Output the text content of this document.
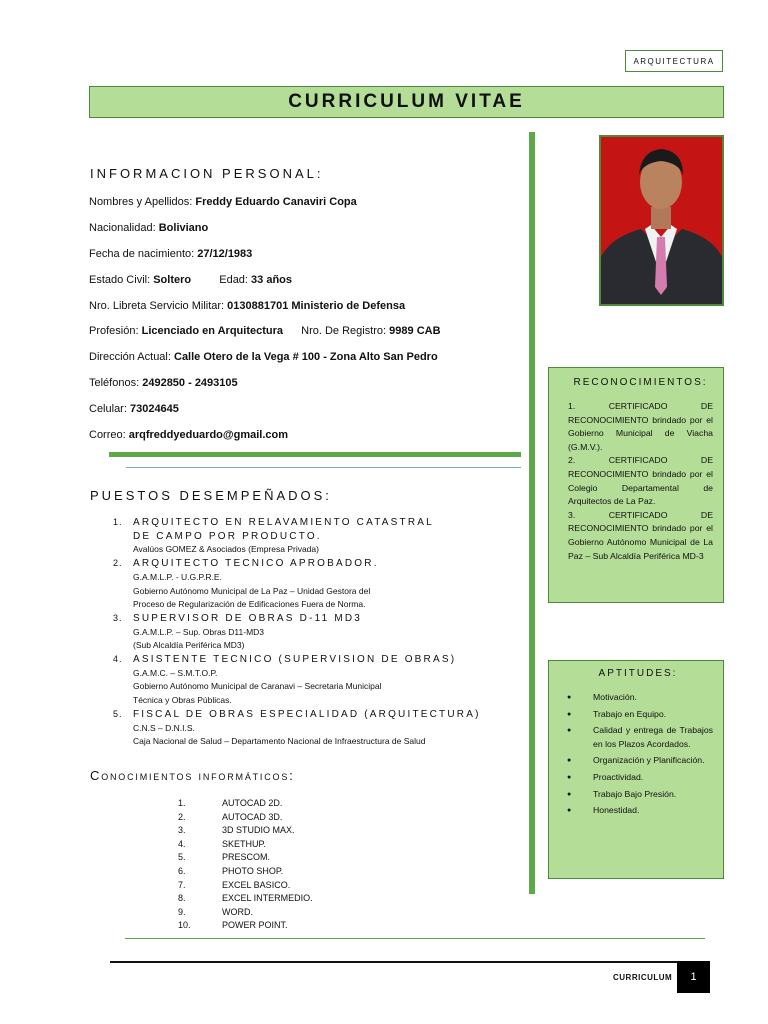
ARQUITECTURA
CURRICULUM VITAE
INFORMACION PERSONAL:
Nombres y Apellidos: Freddy Eduardo Canaviri Copa
Nacionalidad: Boliviano
Fecha de nacimiento: 27/12/1983
Estado Civil: Soltero	Edad: 33 años
Nro. Libreta Servicio Militar: 0130881701 Ministerio de Defensa
Profesión: Licenciado en Arquitectura Nro. De Registro: 9989 CAB
Dirección Actual: Calle Otero de la Vega # 100 - Zona Alto San Pedro
Teléfonos: 2492850 - 2493105
Celular: 73024645
Correo: arqfreddyeduardo@gmail.com
PUESTOS DESEMPEÑADOS:
1.	ARQUITECTO EN RELAVAMIENTO CATASTRAL
DE CAMPO POR PRODUCTO.
Avalúos GOMEZ & Asociados (Empresa Privada)
2.	ARQUITECTO TECNICO APROBADOR.
G.A.M.L.P. - U.G.P.R.E.
Gobierno Autónomo Municipal de La Paz – Unidad Gestora del
Proceso de Regularización de Edificaciones Fuera de Norma.
3.	SUPERVISOR DE OBRAS D-11 MD3
G.A.M.L.P. – Sup. Obras D11-MD3
(Sub Alcaldía Periférica MD3)
4.	ASISTENTE TECNICO (SUPERVISION DE OBRAS)
G.A.M.C. – S.M.T.O.P.
Gobierno Autónomo Municipal de Caranavi – Secretaria Municipal
Técnica y Obras Públicas.
5.	FISCAL DE OBRAS ESPECIALIDAD (ARQUITECTURA)
C.N.S – D.N.I.S.
Caja Nacional de Salud – Departamento Nacional de Infraestructura de Salud
Conocimientos informáticos:
1.	AUTOCAD 2D.
2.	AUTOCAD 3D.
3.	3D STUDIO MAX.
4.	SKETHUP.
5.	PRESCOM.
6.	PHOTO SHOP.
7.	EXCEL BASICO.
8.	EXCEL INTERMEDIO.
9.	WORD.
10.	POWER POINT.
RECONOCIMIENTOS:
1. CERTIFICADO DE RECONOCIMIENTO brindado por el Gobierno Municipal de Viacha (G.M.V.).
2. CERTIFICADO DE RECONOCIMIENTO brindado por el Colegio Departamental de Arquitectos de La Paz.
3. CERTIFICADO DE RECONOCIMIENTO brindado por el Gobierno Autónomo Municipal de La Paz – Sub Alcaldía Periférica MD-3
APTITUDES:
●	Motivación.
●	Trabajo en Equipo.
●	Calidad y entrega de Trabajos en los Plazos Acordados.
●	Organización y Planificación.
●	Proactividad.
●	Trabajo Bajo Presión.
●	Honestidad.
CURRICULUM	1
